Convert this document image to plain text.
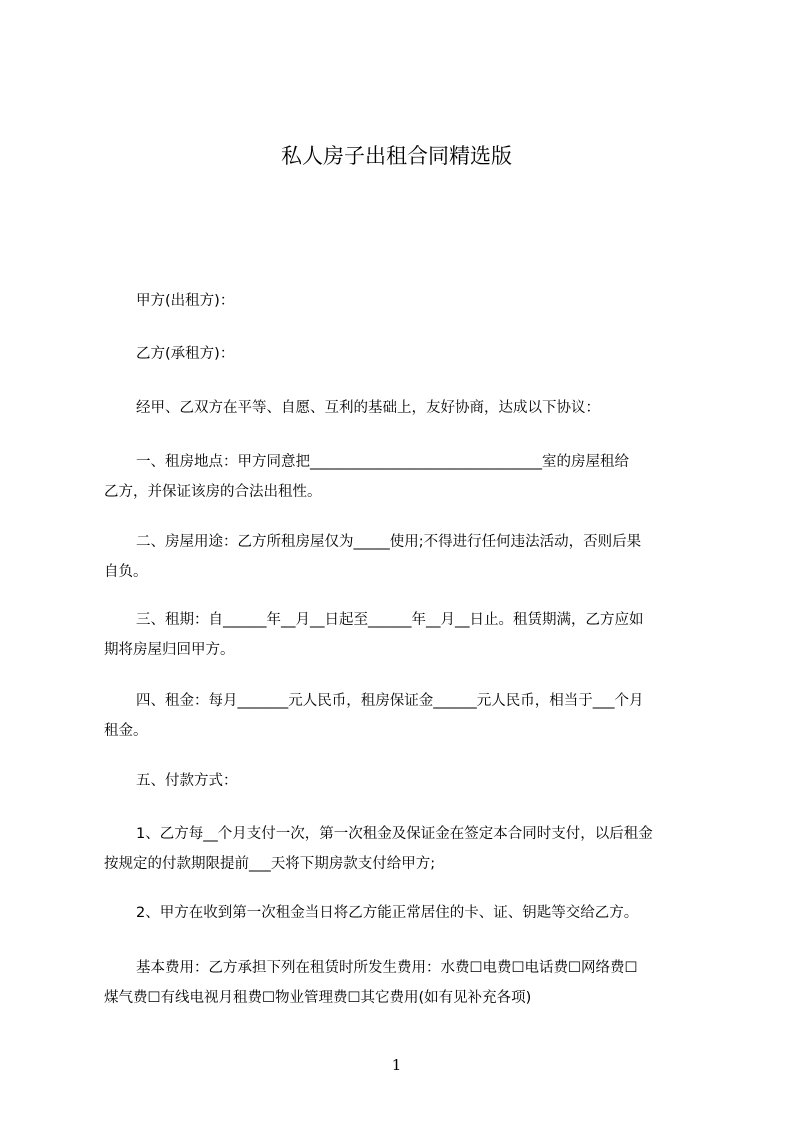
私人房子出租合同精选版
甲方(出租方)：
乙方(承租方)：
经甲、乙双方在平等、自愿、互利的基础上，友好协商，达成以下协议：
一、租房地点：甲方同意把________________________________室的房屋租给
乙方，并保证该房的合法出租性。
二、房屋用途：乙方所租房屋仅为_____使用;不得进行任何违法活动，否则后果
自负。
三、租期：自______年__月__日起至______年__月__日止。租赁期满，乙方应如
期将房屋归回甲方。
四、租金：每月_______元人民币，租房保证金______元人民币，相当于___个月
租金。
五、付款方式：
1、乙方每__个月支付一次，第一次租金及保证金在签定本合同时支付，以后租金
按规定的付款期限提前___天将下期房款支付给甲方;
2、甲方在收到第一次租金当日将乙方能正常居住的卡、证、钥匙等交给乙方。
基本费用：乙方承担下列在租赁时所发生费用：水费☐电费☐电话费☐网络费☐
煤气费☐有线电视月租费☐物业管理费☐其它费用(如有见补充各项)
1
